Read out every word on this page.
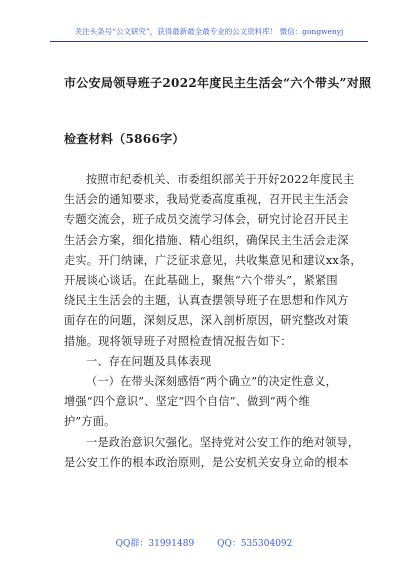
关注头条号“公文研究”，获得最新最全最专业的公文资料库！ 微信：gongwenyj
市公安局领导班子2022年度民主生活会“六个带头”对照
检查材料（5866字）
按照市纪委机关、市委组织部关于开好2022年度民主
生活会的通知要求，我局党委高度重视，召开民主生活会
专题交流会，班子成员交流学习体会，研究讨论召开民主
生活会方案，细化措施、精心组织，确保民主生活会走深
走实。开门纳谏，广泛征求意见，共收集意见和建议xx条，
开展谈心谈话。在此基础上，聚焦“六个带头”，紧紧围
绕民主生活会的主题，认真查摆领导班子在思想和作风方
面存在的问题，深刻反思，深入剖析原因，研究整改对策
措施。现将领导班子对照检查情况报告如下：
一、存在问题及具体表现
（一）在带头深刻感悟“两个确立”的决定性意义，
增强“四个意识”、坚定“四个自信”、做到“两个维
护”方面。
一是政治意识欠强化。坚持党对公安工作的绝对领导，
是公安工作的根本政治原则，是公安机关安身立命的根本
QQ群：31991489	QQ：535304092
